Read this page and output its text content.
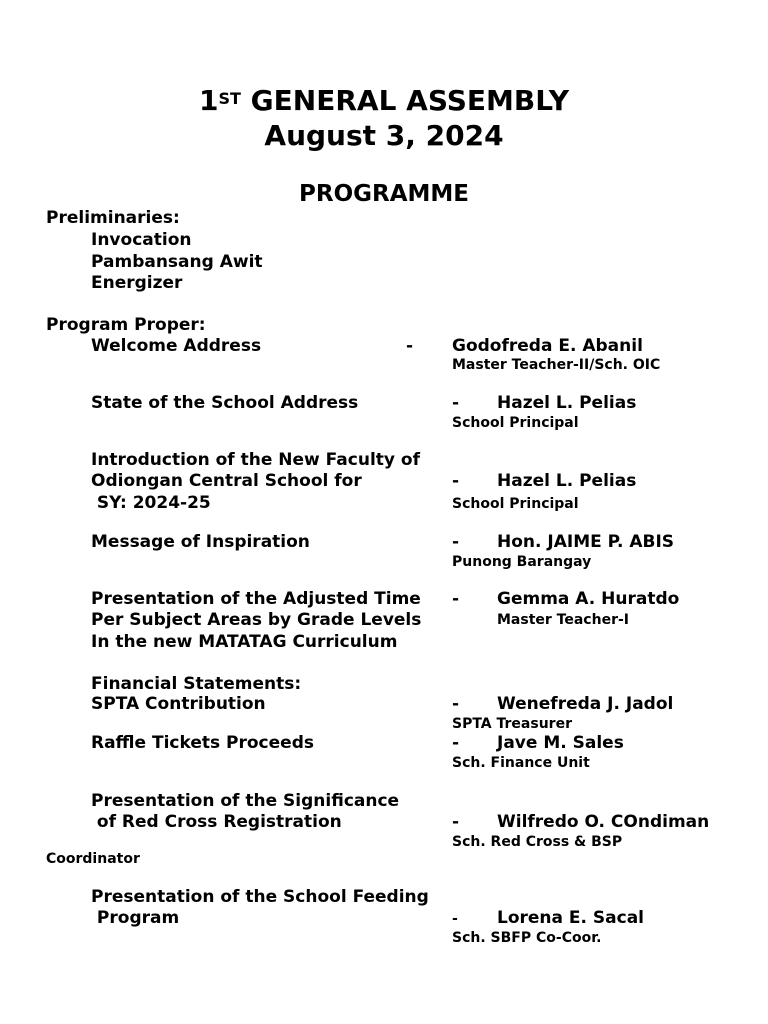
1ST GENERAL ASSEMBLY
August 3, 2024
PROGRAMME
Preliminaries:
Invocation
Pambansang Awit
Energizer
Program Proper:
Welcome Address	- Godofreda E. Abanil
Master Teacher-II/Sch. OIC
State of the School Address	- Hazel L. Pelias
School Principal
Introduction of the New Faculty of
Odiongan Central School for
SY: 2024-25
- Hazel L. Pelias
School Principal
Message of Inspiration	- Hon. JAIME P. ABIS
Punong Barangay
Presentation of the Adjusted Time
Per Subject Areas by Grade Levels
In the new MATATAG Curriculum
- Gemma A. Huratdo
Master Teacher-I
Financial Statements:
SPTA Contribution	- Wenefreda J. Jadol
SPTA Treasurer
Raffle Tickets Proceeds	- Jave M. Sales
Sch. Finance Unit
Presentation of the Significance
of Red Cross Registration	- Wilfredo O. COndiman
Sch. Red Cross & BSP
Coordinator
Presentation of the School Feeding
Program	- Lorena E. Sacal
Sch. SBFP Co-Coor.
